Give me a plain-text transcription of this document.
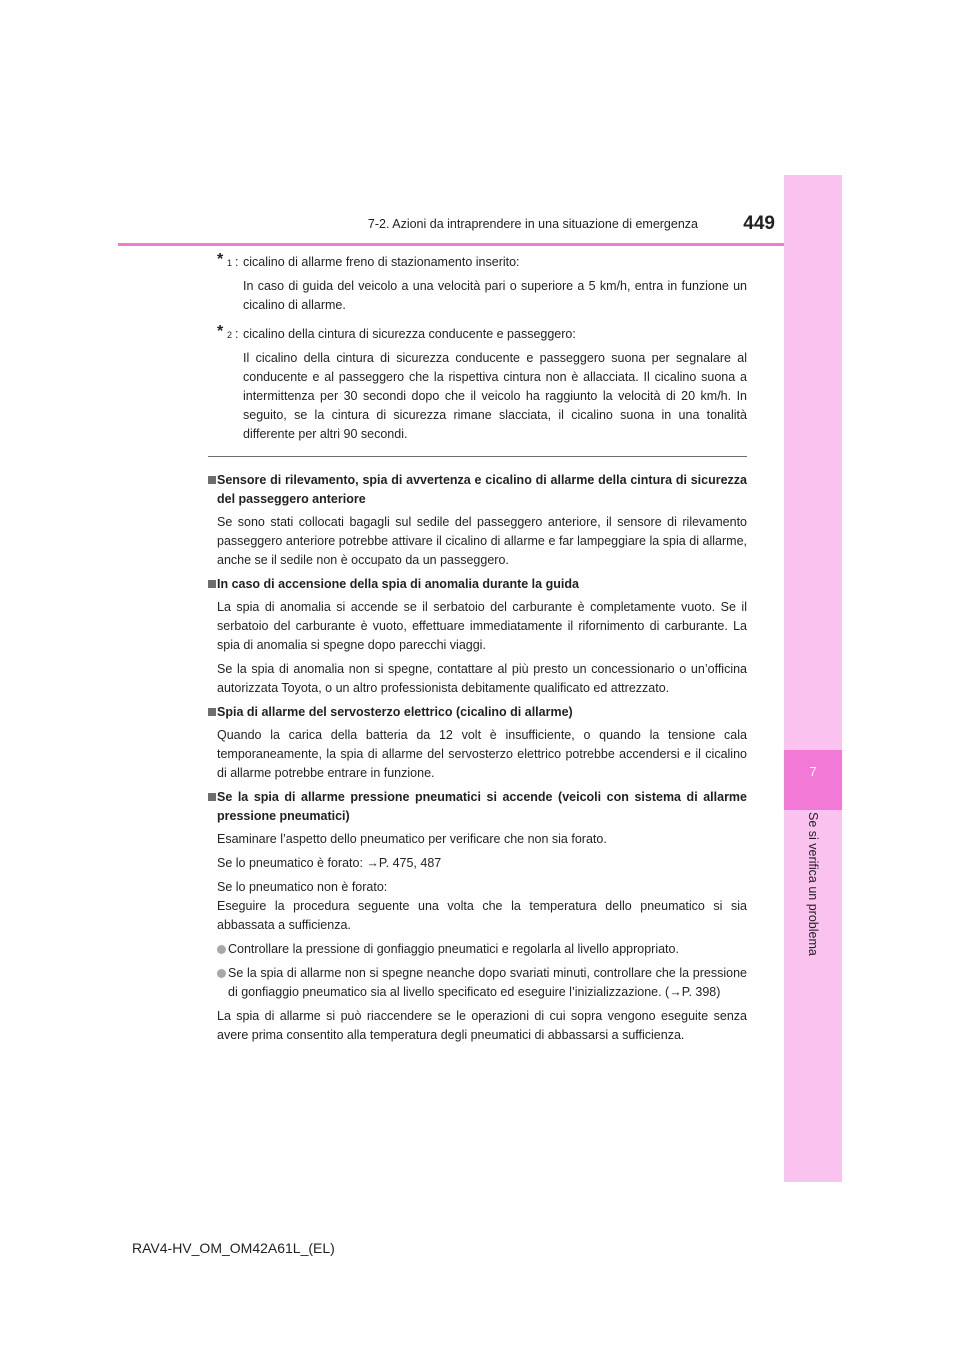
7
Se si verifica un problema
7-2. Azioni da intraprendere in una situazione di emergenza	449
* 1 : cicalino di allarme freno di stazionamento inserito:

In caso di guida del veicolo a una velocità pari o superiore a 5 km/h, entra in funzione un cicalino di allarme.

* 2 : cicalino della cintura di sicurezza conducente e passeggero:

Il cicalino della cintura di sicurezza conducente e passeggero suona per segnalare al conducente e al passeggero che la rispettiva cintura non è allacciata. Il cicalino suona a intermittenza per 30 secondi dopo che il veicolo ha raggiunto la velocità di 20 km/h. In seguito, se la cintura di sicurezza rimane slacciata, il cicalino suona in una tonalità differente per altri 90 secondi.

Sensore di rilevamento, spia di avvertenza e cicalino di allarme della cintura di sicurezza del passeggero anteriore

Se sono stati collocati bagagli sul sedile del passeggero anteriore, il sensore di rilevamento passeggero anteriore potrebbe attivare il cicalino di allarme e far lampeggiare la spia di allarme, anche se il sedile non è occupato da un passeggero.

In caso di accensione della spia di anomalia durante la guida

La spia di anomalia si accende se il serbatoio del carburante è completamente vuoto. Se il serbatoio del carburante è vuoto, effettuare immediatamente il rifornimento di carburante. La spia di anomalia si spegne dopo parecchi viaggi.

Se la spia di anomalia non si spegne, contattare al più presto un concessionario o un’officina autorizzata Toyota, o un altro professionista debitamente qualificato ed attrezzato.

Spia di allarme del servosterzo elettrico (cicalino di allarme)

Quando la carica della batteria da 12 volt è insufficiente, o quando la tensione cala temporaneamente, la spia di allarme del servosterzo elettrico potrebbe accendersi e il cicalino di allarme potrebbe entrare in funzione.

Se la spia di allarme pressione pneumatici si accende (veicoli con sistema di allarme pressione pneumatici)

Esaminare l’aspetto dello pneumatico per verificare che non sia forato.

Se lo pneumatico è forato: →P. 475, 487

Se lo pneumatico non è forato:
Eseguire la procedura seguente una volta che la temperatura dello pneumatico si sia abbassata a sufficienza.

Controllare la pressione di gonfiaggio pneumatici e regolarla al livello appropriato.
Se la spia di allarme non si spegne neanche dopo svariati minuti, controllare che la pressione di gonfiaggio pneumatico sia al livello specificato ed eseguire l’inizializzazione. (→P. 398)

La spia di allarme si può riaccendere se le operazioni di cui sopra vengono eseguite senza avere prima consentito alla temperatura degli pneumatici di abbassarsi a sufficienza.

RAV4-HV_OM_OM42A61L_(EL)
